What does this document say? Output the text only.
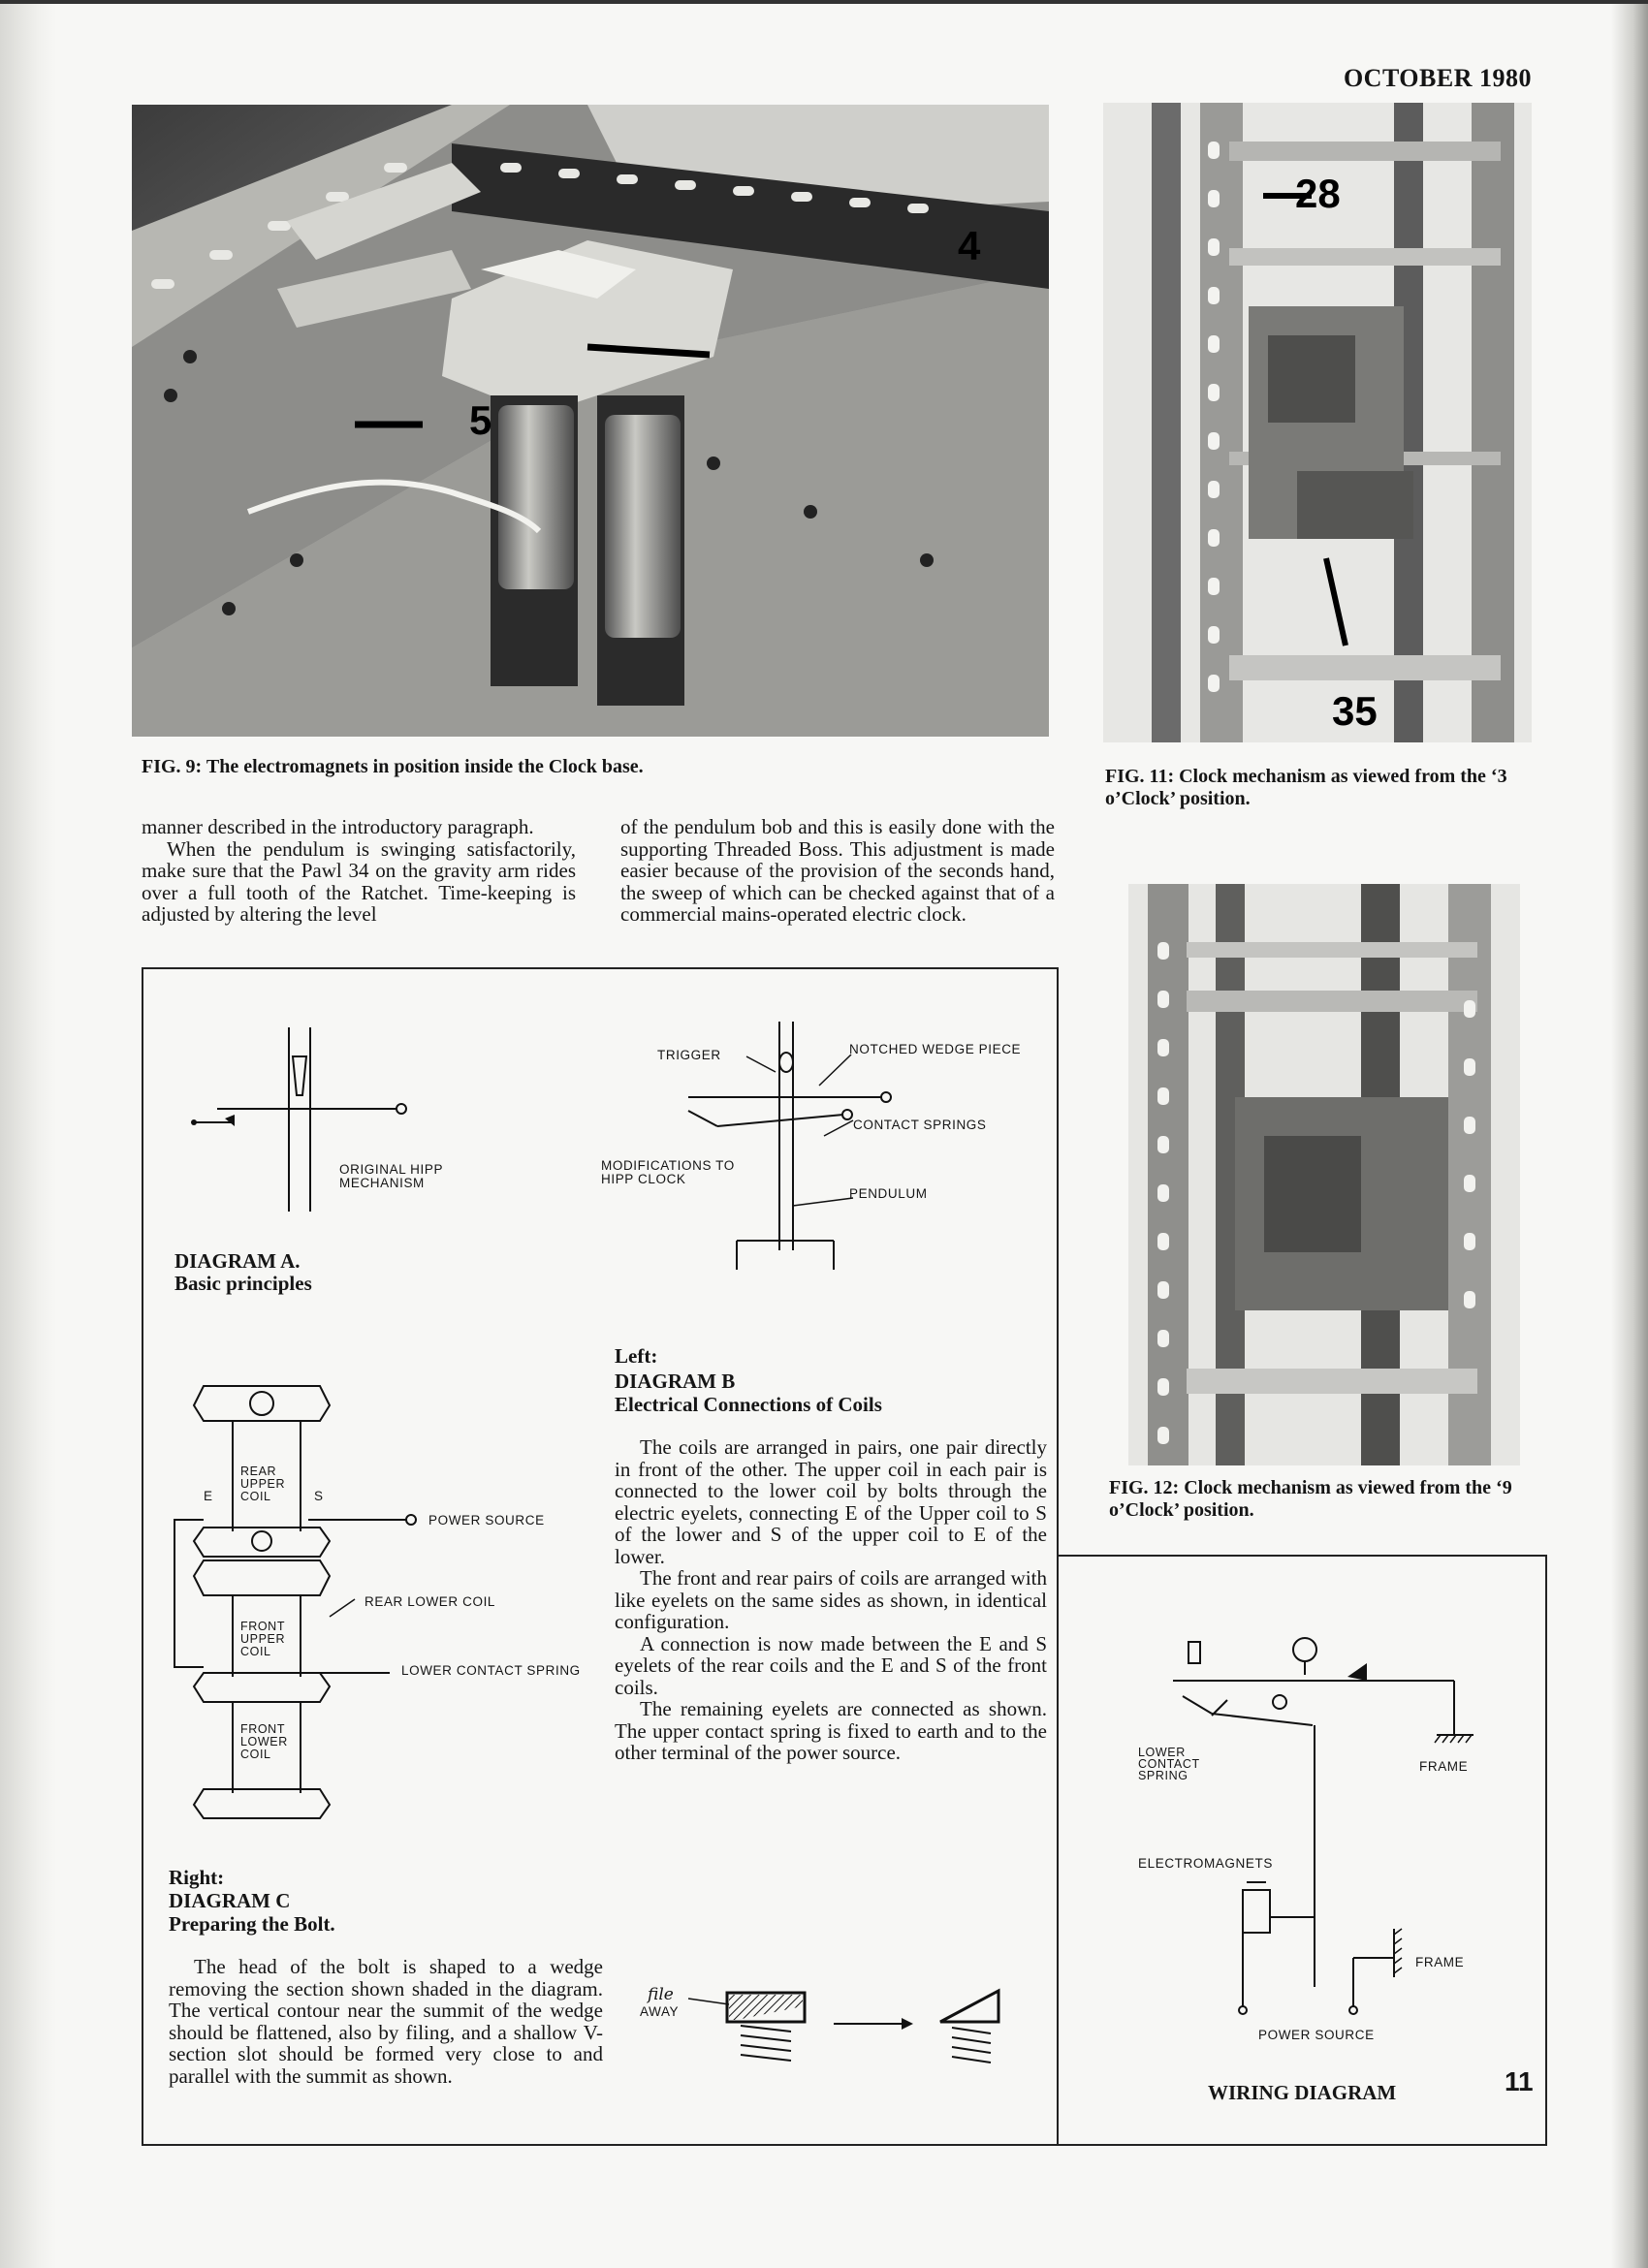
OCTOBER 1980
4
5
FIG. 9: The electromagnets in position inside the Clock base.
28
35
FIG. 11: Clock mechanism as viewed from the ‘3 o’Clock’ position.
FIG. 12: Clock mechanism as viewed from the ‘9 o’Clock’ position.

manner described in the introductory paragraph.

When the pendulum is swinging satisfactorily, make sure that the Pawl 34 on the gravity arm rides over a full tooth of the Ratchet. Time-keeping is adjusted by altering the level

of the pendulum bob and this is easily done with the supporting Threaded Boss. This adjustment is made easier because of the provision of the seconds hand, the sweep of which can be checked against that of a commercial mains-operated electric clock.

ORIGINAL HIPP MECHANISM
DIAGRAM A.
Basic principles
TRIGGER	NOTCHED WEDGE PIECE
CONTACT SPRINGS
MODIFICATIONS TO HIPP CLOCK
PENDULUM
REAR UPPER COIL
POWER SOURCE
REAR LOWER COIL
FRONT UPPER COIL
LOWER CONTACT SPRING
FRONT LOWER COIL
E	S
Left:
DIAGRAM B
Electrical Connections of Coils

The coils are arranged in pairs, one pair directly in front of the other. The upper coil in each pair is connected to the lower coil by bolts through the electric eyelets, connecting E of the Upper coil to S of the lower and S of the upper coil to E of the lower.

The front and rear pairs of coils are arranged with like eyelets on the same sides as shown, in identical configuration.

A connection is now made between the E and S eyelets of the rear coils and the E and S of the front coils.

The remaining eyelets are connected as shown. The upper contact spring is fixed to earth and to the other terminal of the power source.

Right:
DIAGRAM C
Preparing the Bolt.

The head of the bolt is shaped to a wedge removing the section shown shaded in the diagram. The vertical contour near the summit of the wedge should be flattened, also by filing, and a shallow V-section slot should be formed very close to and parallel with the summit as shown.

file
AWAY
LOWER CONTACT SPRING
FRAME
ELECTROMAGNETS
FRAME
POWER SOURCE
WIRING DIAGRAM	11
